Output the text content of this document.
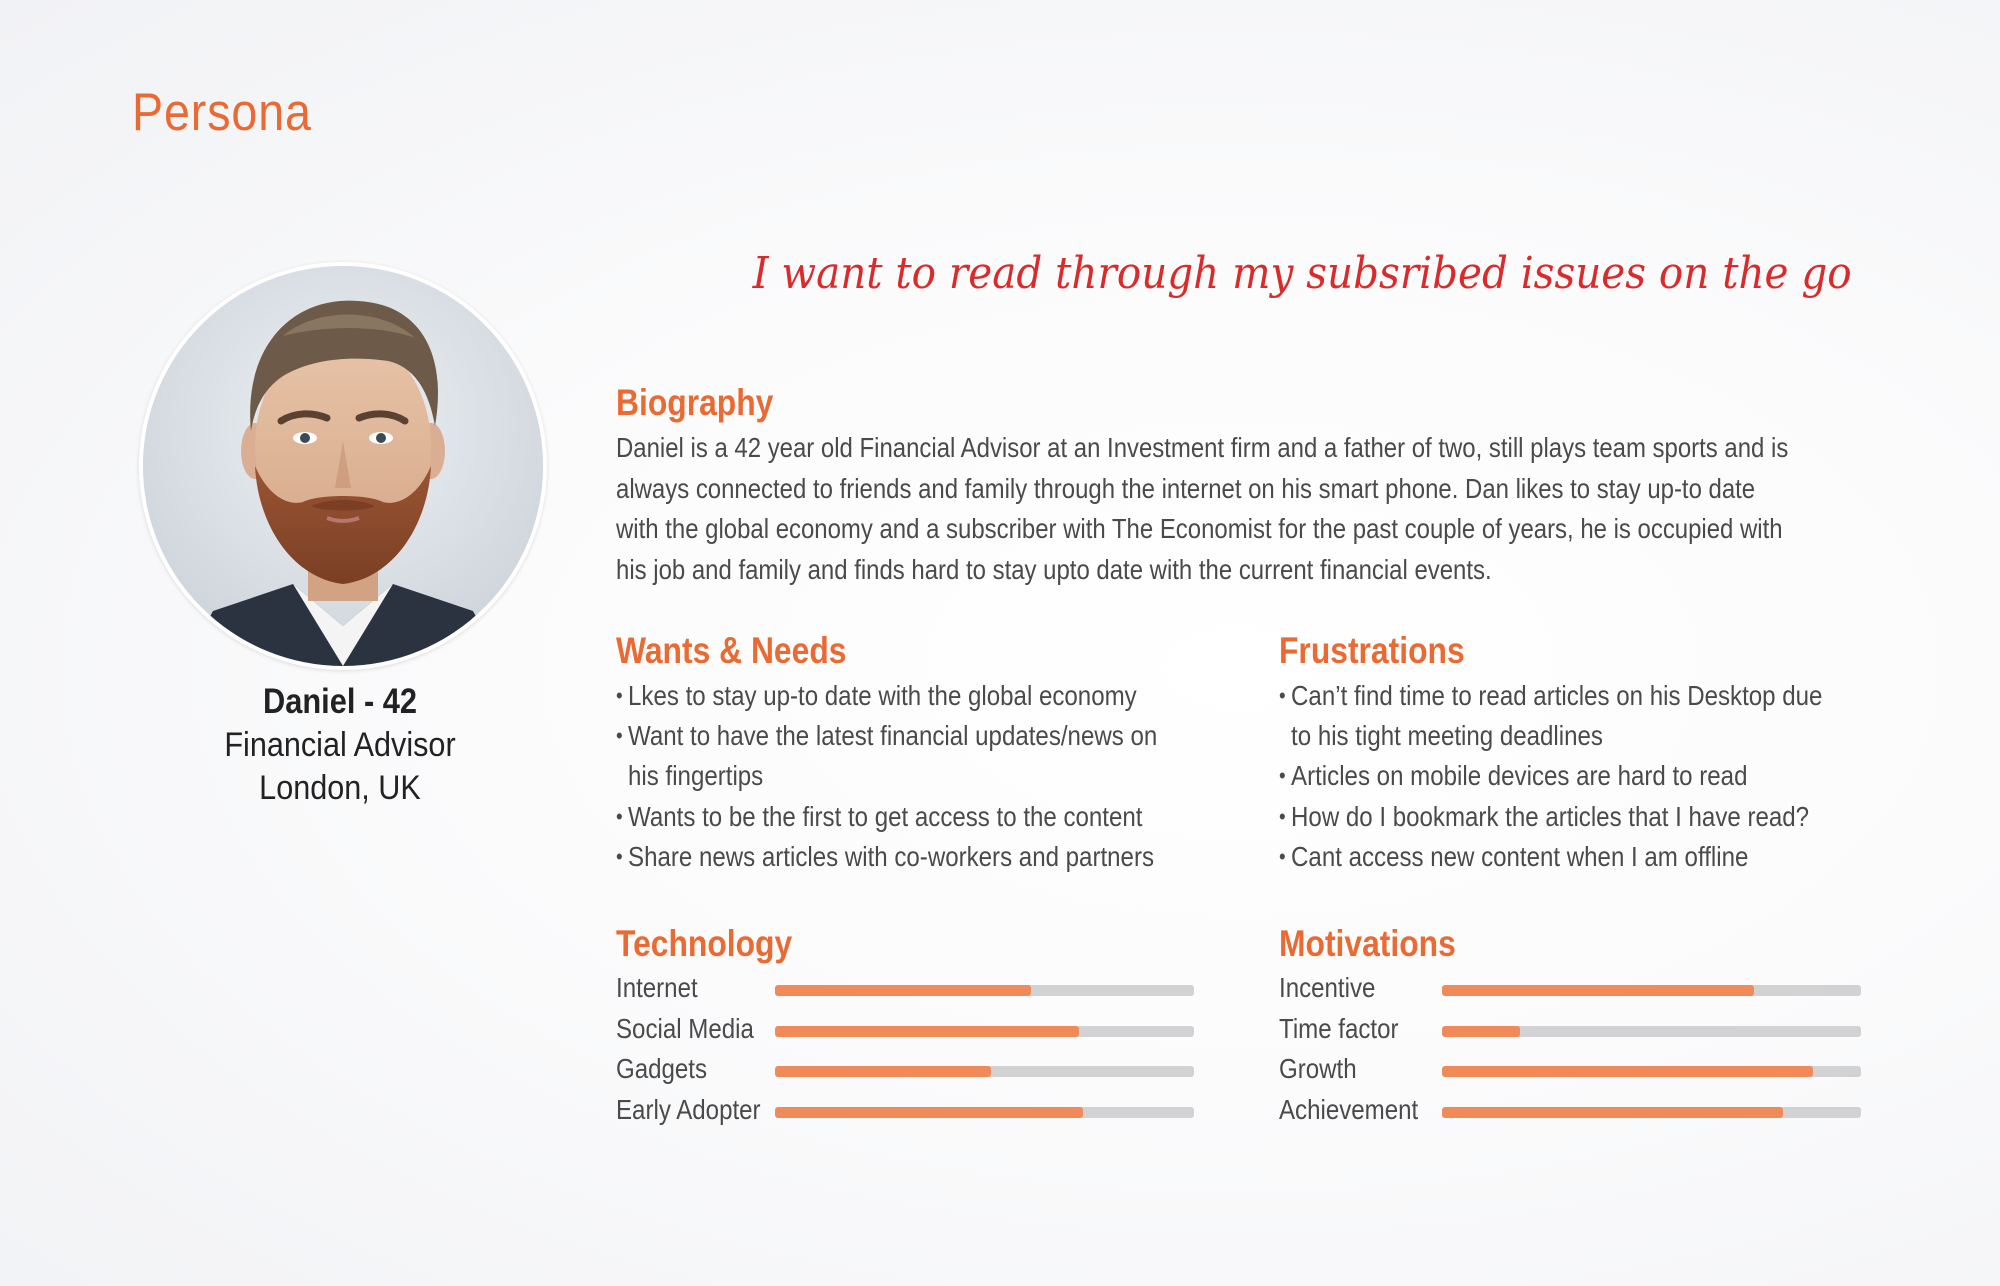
Persona
I want to read through my subsribed issues on the go
Daniel - 42
Financial Advisor
London, UK
Biography
Daniel is a 42 year old Financial Advisor at an Investment firm and a father of two, still plays team sports and is always connected to friends and family through the internet on his smart phone. Dan likes to stay up-to date with the global economy and a subscriber with The Economist for the past couple of years, he is occupied with his job and family and finds hard to stay upto date with the current financial events.
Wants & Needs
• Lkes to stay up-to date with the global economy
• Want to have the latest financial updates/news on his fingertips
• Wants to be the first to get access to the content
• Share news articles with co-workers and partners
Frustrations
• Can’t find time to read articles on his Desktop due to his tight meeting deadlines
• Articles on mobile devices are hard to read
• How do I bookmark the articles that I have read?
• Cant access new content when I am offline
Technology
Internet
Social Media
Gadgets
Early Adopter
Motivations
Incentive
Time factor
Growth
Achievement
